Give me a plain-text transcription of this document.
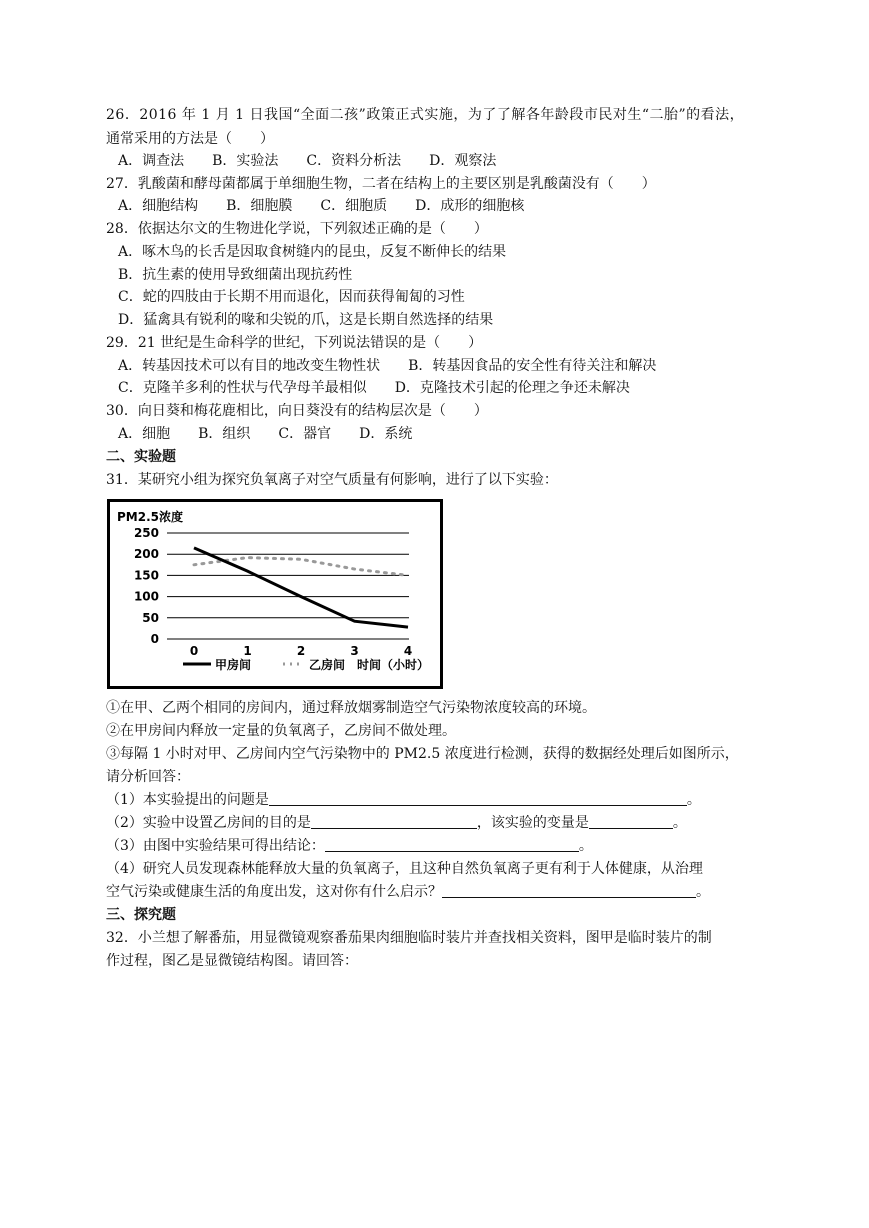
26．2016 年 1 月 1 日我国“全面二孩”政策正式实施，为了了解各年龄段市民对生“二胎”的看法，
通常采用的方法是（　　）
A．调查法　　B．实验法　　C．资料分析法　　D．观察法
27．乳酸菌和酵母菌都属于单细胞生物，二者在结构上的主要区别是乳酸菌没有（　　）
A．细胞结构　　B．细胞膜　　C．细胞质　　D．成形的细胞核
28．依据达尔文的生物进化学说，下列叙述正确的是（　　）
A．啄木鸟的长舌是因取食树缝内的昆虫，反复不断伸长的结果
B．抗生素的使用导致细菌出现抗药性
C．蛇的四肢由于长期不用而退化，因而获得匍匐的习性
D．猛禽具有锐利的喙和尖锐的爪，这是长期自然选择的结果
29．21 世纪是生命科学的世纪，下列说法错误的是（　　）
A．转基因技术可以有目的地改变生物性状　　B．转基因食品的安全性有待关注和解决
C．克隆羊多利的性状与代孕母羊最相似　　D．克隆技术引起的伦理之争还未解决
30．向日葵和梅花鹿相比，向日葵没有的结构层次是（　　）
A．细胞　　B．组织　　C．器官　　D．系统
二、实验题
31．某研究小组为探究负氧离子对空气质量有何影响，进行了以下实验：
PM2.5浓度
0
50
100
150
200
250
0	1	2	3	4
甲房间	乙房间 时间（小时）
①在甲、乙两个相同的房间内，通过释放烟雾制造空气污染物浓度较高的环境。
②在甲房间内释放一定量的负氧离子，乙房间不做处理。
③每隔 1 小时对甲、乙房间内空气污染物中的 PM2.5 浓度进行检测，获得的数据经处理后如图所示，
请分析回答：
（1）本实验提出的问题是	。
（2）实验中设置乙房间的目的是	，该实验的变量是	。
（3）由图中实验结果可得出结论：	。
（4）研究人员发现森林能释放大量的负氧离子，且这种自然负氧离子更有利于人体健康，从治理
空气污染或健康生活的角度出发，这对你有什么启示？	。
三、探究题
32．小兰想了解番茄，用显微镜观察番茄果肉细胞临时装片并查找相关资料，图甲是临时装片的制
作过程，图乙是显微镜结构图。请回答：
